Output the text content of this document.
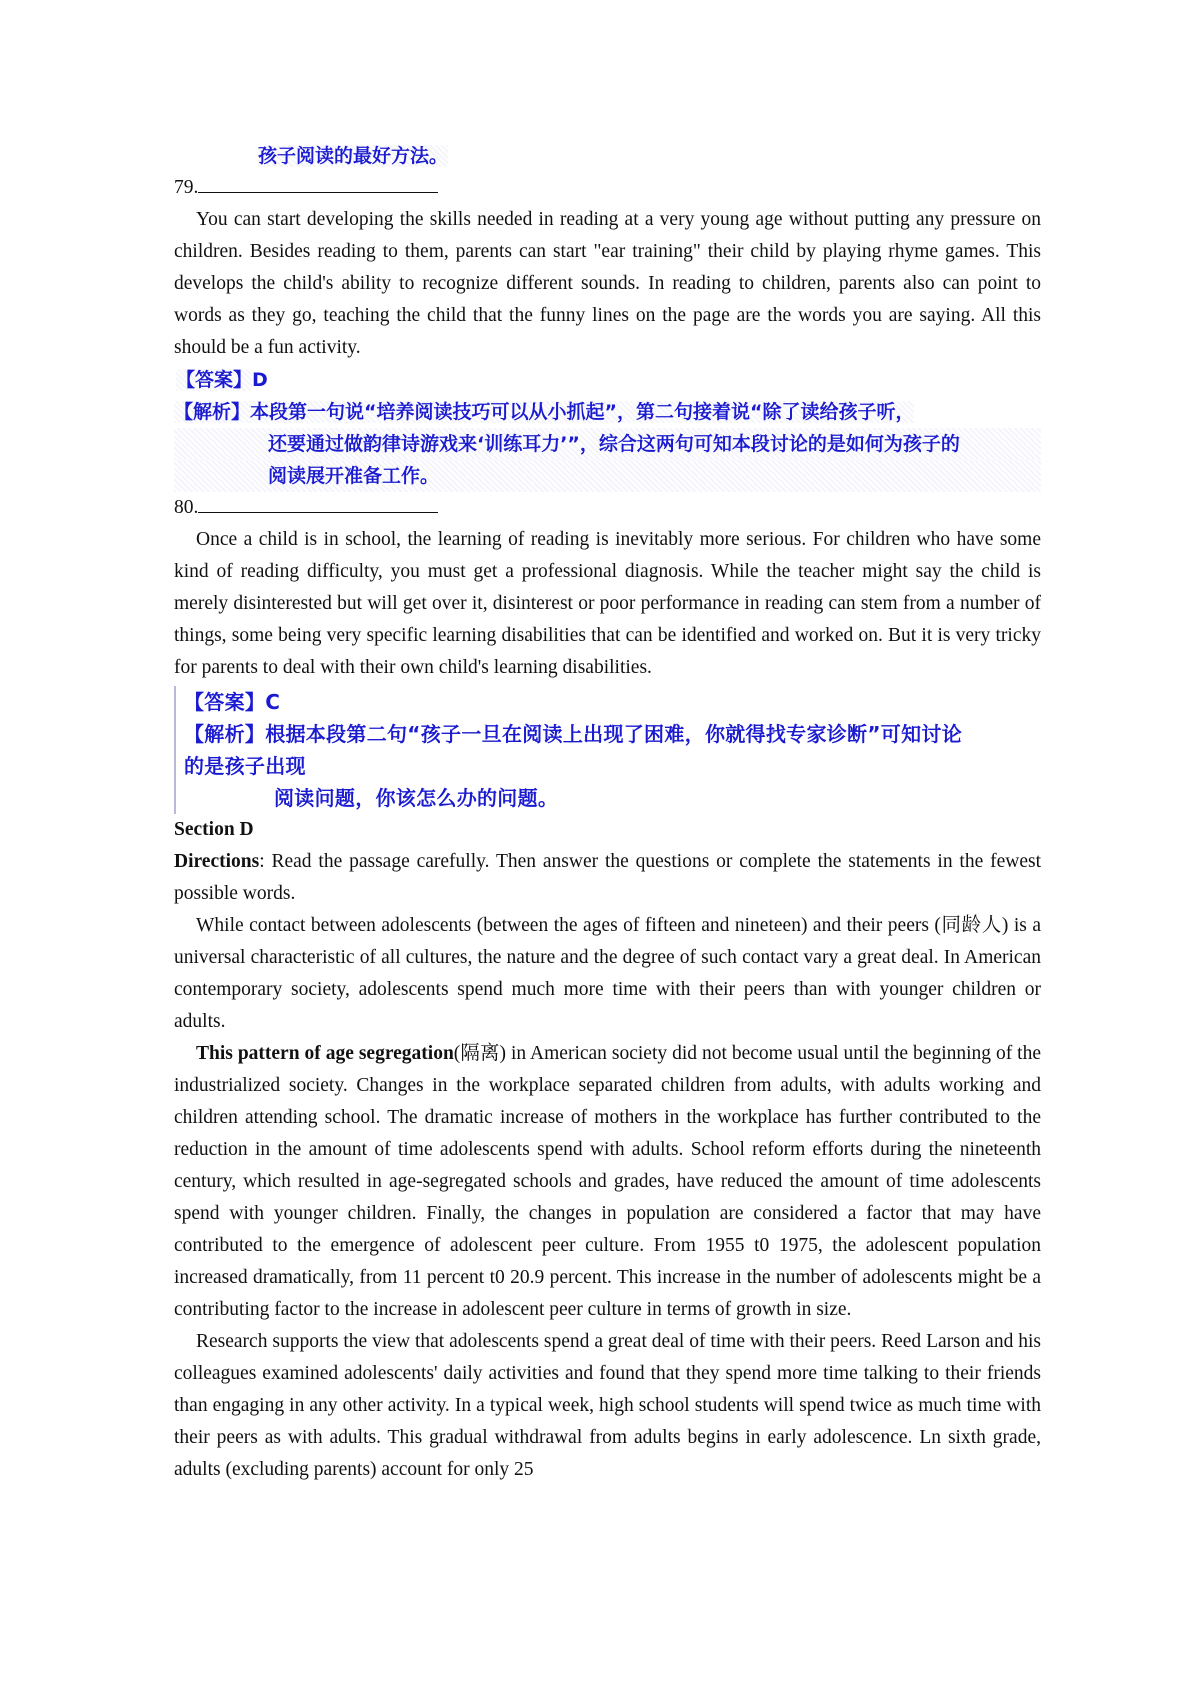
孩子阅读的最好方法。

79.

You can start developing the skills needed in reading at a very young age without putting any pressure on children. Besides reading to them, parents can start "ear training" their child by playing rhyme games. This develops the child's ability to recognize different sounds. In reading to children, parents also can point to words as they go, teaching the child that the funny lines on the page are the words you are saying. All this should be a fun activity.

【答案】D

【解析】本段第一句说“培养阅读技巧可以从小抓起”，第二句接着说“除了读给孩子听，
还要通过做韵律诗游戏来‘训练耳力’”，综合这两句可知本段讨论的是如何为孩子的
阅读展开准备工作。

80.

Once a child is in school, the learning of reading is inevitably more serious. For children who have some kind of reading difficulty, you must get a professional diagnosis. While the teacher might say the child is merely disinterested but will get over it, disinterest or poor performance in reading can stem from a number of things, some being very specific learning disabilities that can be identified and worked on. But it is very tricky for parents to deal with their own child's learning disabilities.

【答案】C
【解析】根据本段第二句“孩子一旦在阅读上出现了困难，你就得找专家诊断”可知讨论
的是孩子出现
阅读问题，你该怎么办的问题。

Section D

Directions: Read the passage carefully. Then answer the questions or complete the statements in the fewest possible words.

While contact between adolescents (between the ages of fifteen and nineteen) and their peers (同龄人) is a universal characteristic of all cultures, the nature and the degree of such contact vary a great deal. In American contemporary society, adolescents spend much more time with their peers than with younger children or adults.

This pattern of age segregation(隔离) in American society did not become usual until the beginning of the industrialized society. Changes in the workplace separated children from adults, with adults working and children attending school. The dramatic increase of mothers in the workplace has further contributed to the reduction in the amount of time adolescents spend with adults. School reform efforts during the nineteenth century, which resulted in age-segregated schools and grades, have reduced the amount of time adolescents spend with younger children. Finally, the changes in population are considered a factor that may have contributed to the emergence of adolescent peer culture. From 1955 t0 1975, the adolescent population increased dramatically, from 11 percent t0 20.9 percent. This increase in the number of adolescents might be a contributing factor to the increase in adolescent peer culture in terms of growth in size.

Research supports the view that adolescents spend a great deal of time with their peers. Reed Larson and his colleagues examined adolescents' daily activities and found that they spend more time talking to their friends than engaging in any other activity. In a typical week, high school students will spend twice as much time with their peers as with adults. This gradual withdrawal from adults begins in early adolescence. Ln sixth grade, adults (excluding parents) account for only 25
